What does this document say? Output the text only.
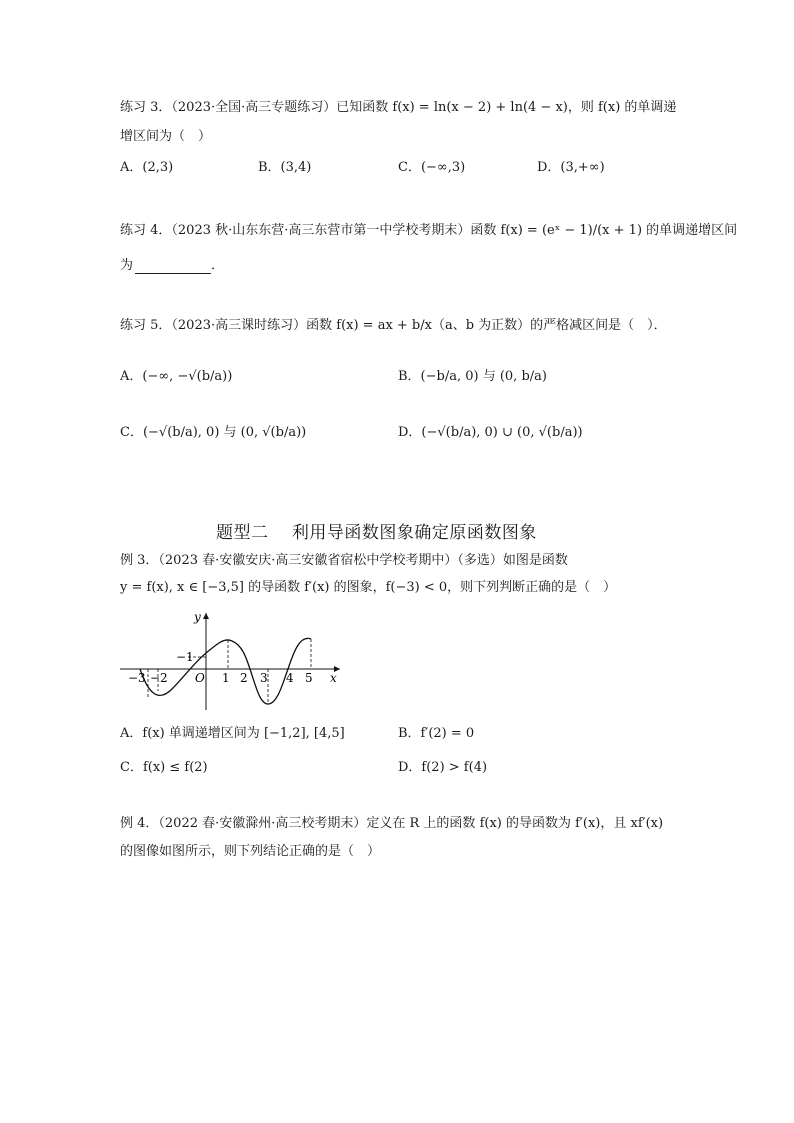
练习 3．（2023·全国·高三专题练习）已知函数 f(x) = ln(x − 2) + ln(4 − x)，则 f(x) 的单调递
增区间为（　）
A．(2,3)	B．(3,4)	C．(−∞,3)	D．(3,+∞)
练习 4．（2023 秋·山东东营·高三东营市第一中学校考期末）函数 f(x) = (eˣ − 1)/(x + 1) 的单调递增区间
为	．
练习 5．（2023·高三课时练习）函数 f(x) = ax + b/x（a、b 为正数）的严格减区间是（　）．
A．(−∞, −√(b/a))	B．(−b/a, 0) 与 (0, b/a)
C．(−√(b/a), 0) 与 (0, √(b/a))	D．(−√(b/a), 0) ∪ (0, √(b/a))
题型二　 利用导函数图象确定原函数图象
例 3．（2023 春·安徽安庆·高三安徽省宿松中学校考期中）（多选）如图是函数
y = f(x), x ∈ [−3,5] 的导函数 f′(x) 的图象，f(−3) < 0，则下列判断正确的是（　）
y
x
O
−1
−3 −2	1 2 3 4 5
A．f(x) 单调递增区间为 [−1,2], [4,5]	B．f′(2) = 0
C．f(x) ≤ f(2)	D．f(2) > f(4)
例 4．（2022 春·安徽滁州·高三校考期末）定义在 R 上的函数 f(x) 的导函数为 f′(x)，且 xf′(x)
的图像如图所示，则下列结论正确的是（　）
